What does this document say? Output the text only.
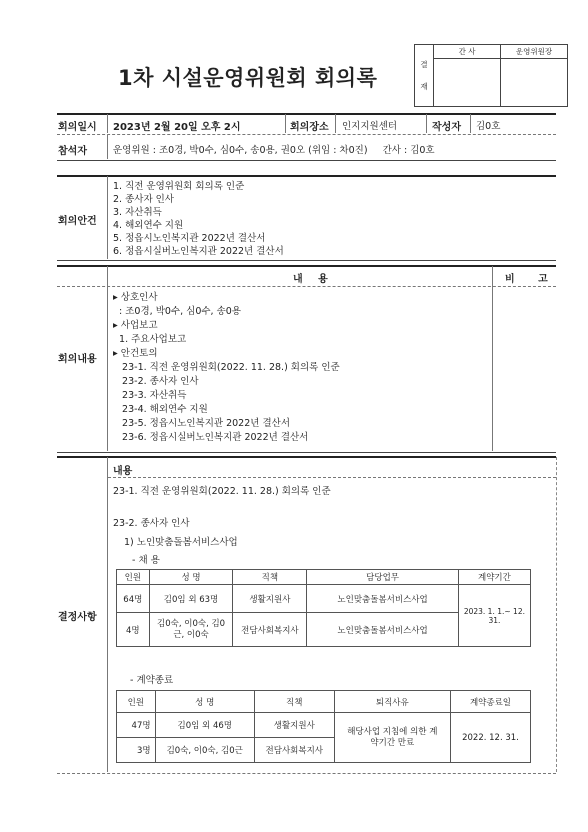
1차 시설운영위원회 회의록
결

재	간 사	운영위원장

회의일시 2023년 2월 20일 오후 2시	회의장소 인지지원센터	작성자 김0호
참석자	운영위원 : 조0경, 박0수, 심0수, 송0용, 권0오 (위임 : 차0진)     간사 : 김0호
회의안건
1. 직전 운영위원회 회의록 인준
2. 종사자 인사
3. 자산취득
4. 해외연수 지원
5. 정읍시노인복지관 2022년 결산서
6. 정읍시실버노인복지관 2022년 결산서
내 용	비 고
회의내용
▸ 상호인사
: 조0경, 박0수, 심0수, 송0용
▸ 사업보고
1. 주요사업보고
▸ 안건토의
23-1. 직전 운영위원회(2022. 11. 28.) 회의록 인준
23-2. 종사자 인사
23-3. 자산취득
23-4. 해외연수 지원
23-5. 정읍시노인복지관 2022년 결산서
23-6. 정읍시실버노인복지관 2022년 결산서
내용
결정사항
23-1. 직전 운영위원회(2022. 11. 28.) 회의록 인준
23-2. 종사자 인사
1) 노인맞춤돌봄서비스사업
- 채 용
인원	성 명	직책	담당업무	계약기간
64명	김0임 외 63명	생활지원사	노인맞춤돌봄서비스사업	2023. 1. 1.~ 12. 31.
4명	김0숙, 이0숙, 김0근, 이0숙	전담사회복지사	노인맞춤돌봄서비스사업	
- 계약종료
인원	성 명	직책	퇴직사유	계약종료일
47명	김0임 외 46명	생활지원사	해당사업 지침에 의한 계약기간 만료	2022. 12. 31.
3명	김0숙, 이0숙, 김0근	전담사회복지사		
